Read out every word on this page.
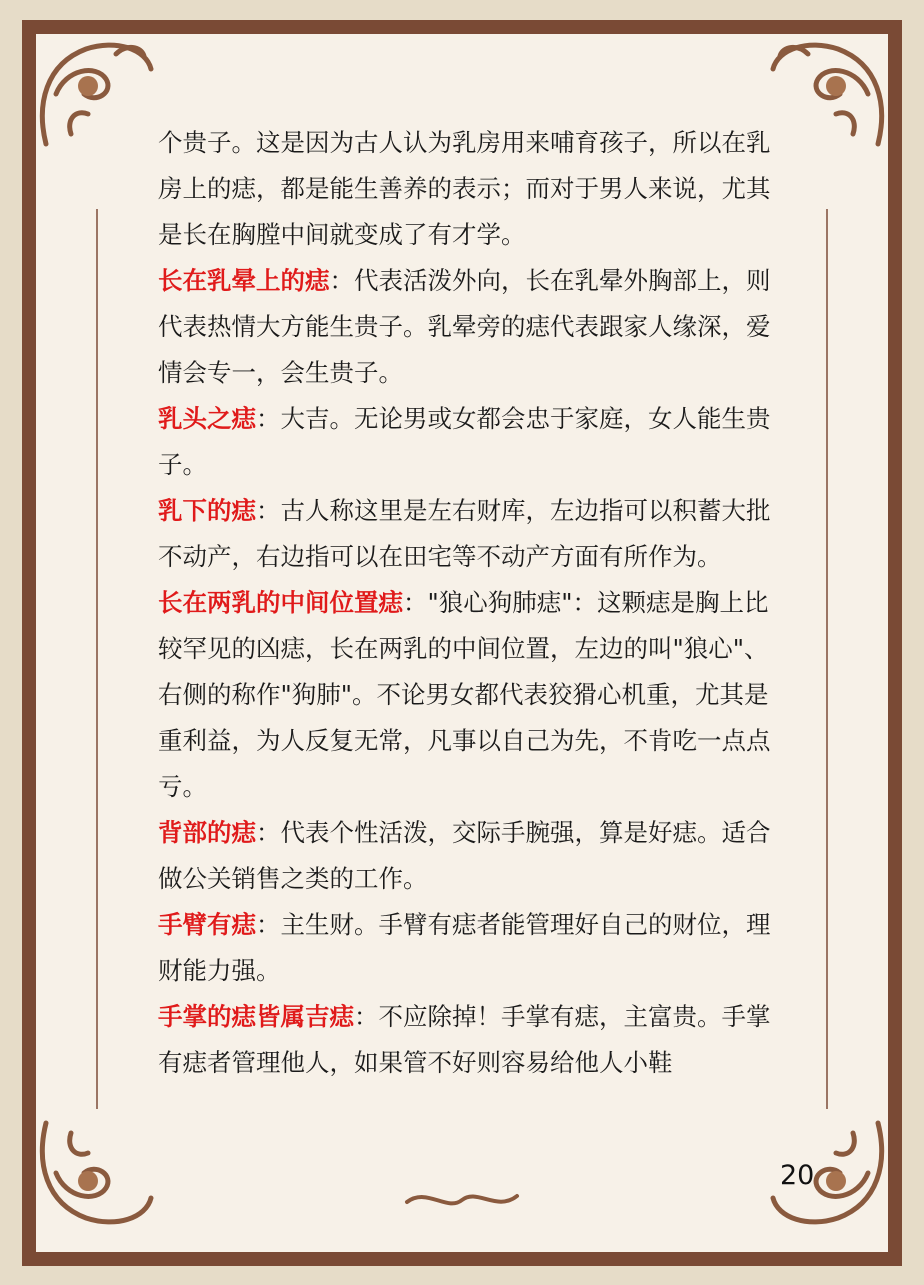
个贵子。这是因为古人认为乳房用来哺育孩子，所以在乳房上的痣，都是能生善养的表示；而对于男人来说，尤其是长在胸膛中间就变成了有才学。

长在乳晕上的痣：代表活泼外向，长在乳晕外胸部上，则代表热情大方能生贵子。乳晕旁的痣代表跟家人缘深，爱情会专一，会生贵子。

乳头之痣：大吉。无论男或女都会忠于家庭，女人能生贵子。

乳下的痣：古人称这里是左右财库，左边指可以积蓄大批不动产，右边指可以在田宅等不动产方面有所作为。

长在两乳的中间位置痣："狼心狗肺痣"：这颗痣是胸上比较罕见的凶痣，长在两乳的中间位置，左边的叫"狼心"、右侧的称作"狗肺"。不论男女都代表狡猾心机重，尤其是重利益，为人反复无常，凡事以自己为先，不肯吃一点点亏。

背部的痣：代表个性活泼，交际手腕强，算是好痣。适合做公关销售之类的工作。

手臂有痣：主生财。手臂有痣者能管理好自己的财位，理财能力强。

手掌的痣皆属吉痣：不应除掉！手掌有痣，主富贵。手掌有痣者管理他人，如果管不好则容易给他人小鞋

20
